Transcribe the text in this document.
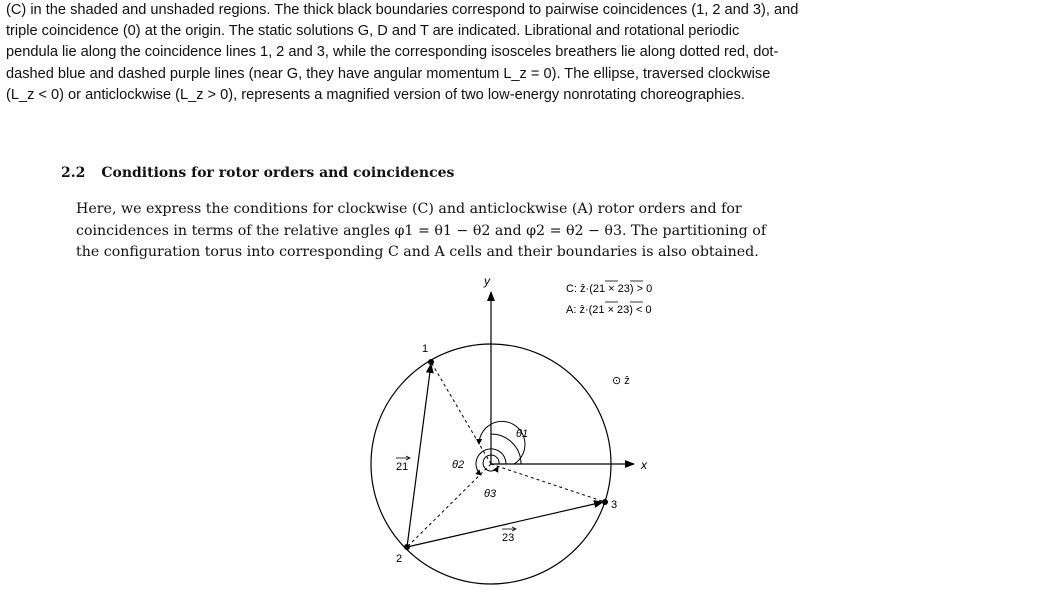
(C) in the shaded and unshaded regions. The thick black boundaries correspond to pairwise coincidences (1, 2 and 3), and

triple coincidence (0) at the origin. The static solutions G, D and T are indicated. Librational and rotational periodic

pendula lie along the coincidence lines 1, 2 and 3, while the corresponding isosceles breathers lie along dotted red, dot-

dashed blue and dashed purple lines (near G, they have angular momentum L_z = 0). The ellipse, traversed clockwise

(L_z < 0) or anticlockwise (L_z > 0), represents a magnified version of two low-energy nonrotating choreographies.

2.2 Conditions for rotor orders and coincidences

Here, we express the conditions for clockwise (C) and anticlockwise (A) rotor orders and for

coincidences in terms of the relative angles φ1 = θ1 − θ2 and φ2 = θ2 − θ3. The partitioning of

the configuration torus into corresponding C and A cells and their boundaries is also obtained.

y
x
C: ẑ·(21 × 23) > 0
A: ẑ·(21 × 23) < 0
⊙ ẑ
1
2
3
21
23
θ1
θ2
θ3
